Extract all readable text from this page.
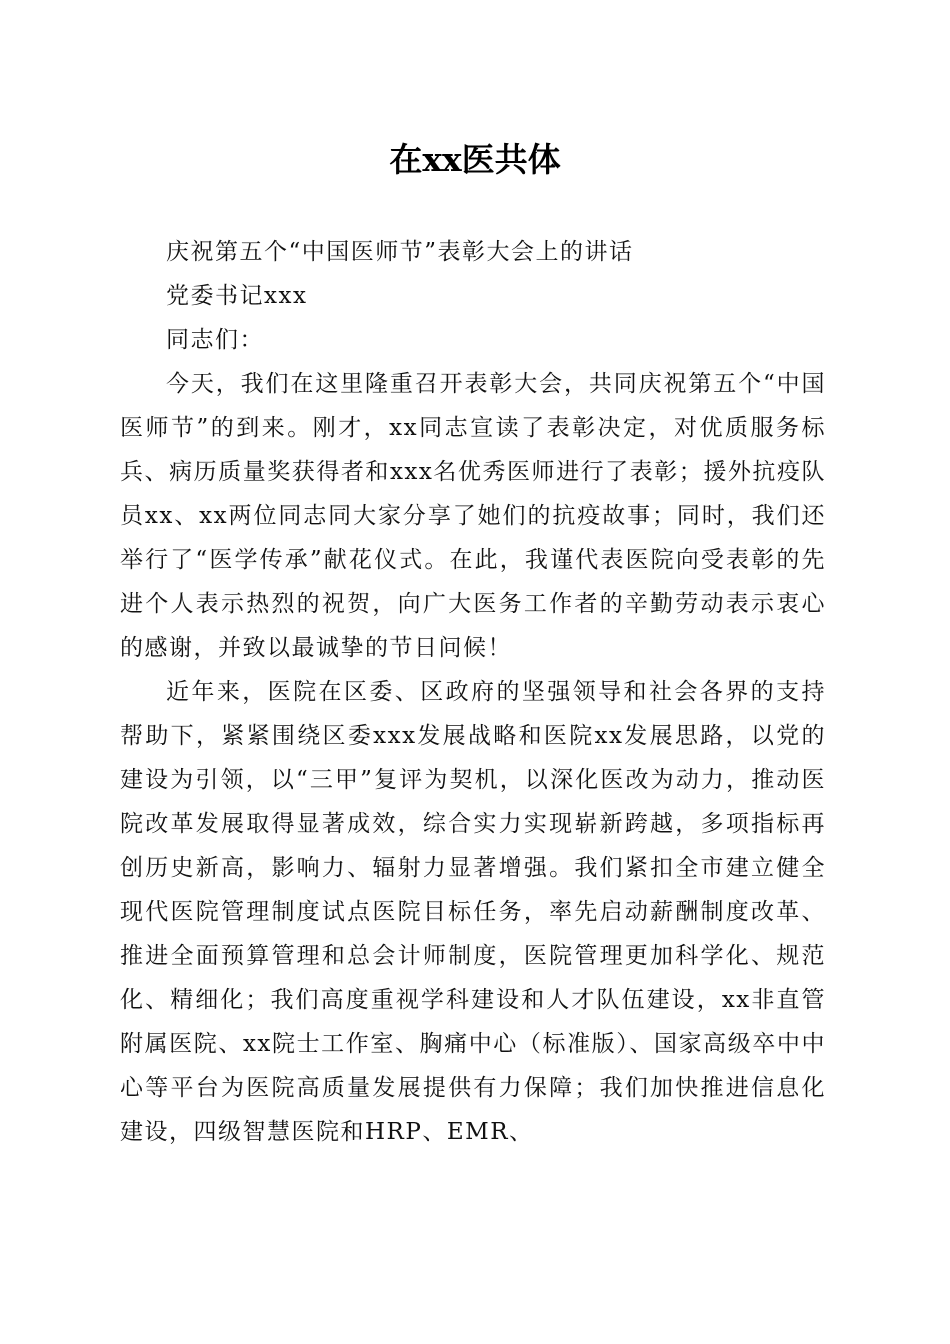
在xx医共体

庆祝第五个“中国医师节”表彰大会上的讲话

党委书记xxx

同志们：

今天，我们在这里隆重召开表彰大会，共同庆祝第五个“中国医师节”的到来。刚才，xx同志宣读了表彰决定，对优质服务标兵、病历质量奖获得者和xxx名优秀医师进行了表彰；援外抗疫队员xx、xx两位同志同大家分享了她们的抗疫故事；同时，我们还举行了“医学传承”献花仪式。在此，我谨代表医院向受表彰的先进个人表示热烈的祝贺，向广大医务工作者的辛勤劳动表示衷心的感谢，并致以最诚挚的节日问候！

近年来，医院在区委、区政府的坚强领导和社会各界的支持帮助下，紧紧围绕区委xxx发展战略和医院xx发展思路，以党的建设为引领，以“三甲”复评为契机，以深化医改为动力，推动医院改革发展取得显著成效，综合实力实现崭新跨越，多项指标再创历史新高，影响力、辐射力显著增强。我们紧扣全市建立健全现代医院管理制度试点医院目标任务，率先启动薪酬制度改革、推进全面预算管理和总会计师制度，医院管理更加科学化、规范化、精细化；我们高度重视学科建设和人才队伍建设，xx非直管附属医院、xx院士工作室、胸痛中心（标准版）、国家高级卒中中心等平台为医院高质量发展提供有力保障；我们加快推进信息化建设，四级智慧医院和HRP、EMR、
